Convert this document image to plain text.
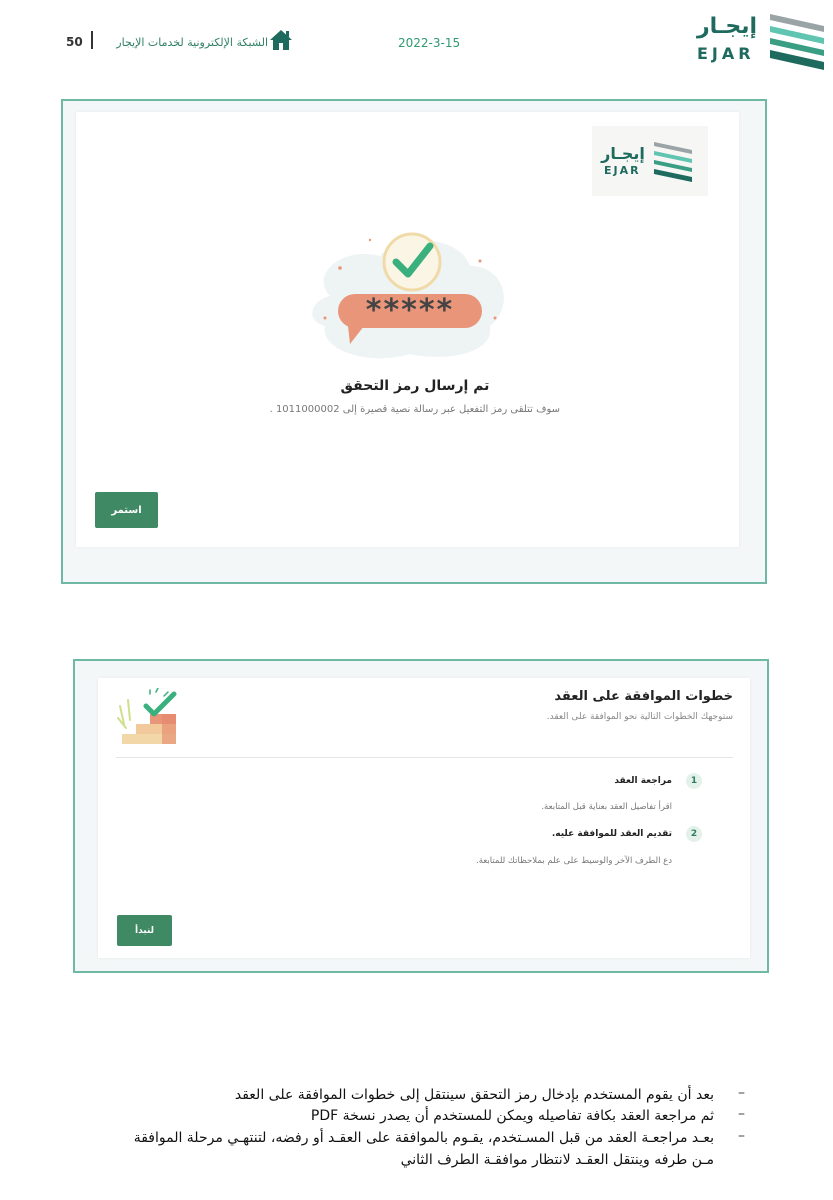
50	الشبكة الإلكترونية لخدمات الإيجار	2022-3-15
إيجـار
EJAR
إيجـار
EJAR
*****
تم إرسال رمز التحقق
سوف تتلقى رمز التفعيل عبر رسالة نصية قصيرة إلى 1011000002 .
استمر
خطوات الموافقة على العقد
ستوجهك الخطوات التالية نحو الموافقة على العقد.
1
مراجعة العقد
اقرأ تفاصيل العقد بعناية قبل المتابعة.
2
تقديم العقد للموافقة عليه.
دع الطرف الآخر والوسيط على علم بملاحظاتك للمتابعة.
لنبدأ
–
بعد أن يقوم المستخدم بإدخال رمز التحقق سينتقل إلى خطوات الموافقة على العقد
–
ثم مراجعة العقد بكافة تفاصيله ويمكن للمستخدم أن يصدر نسخة PDF
–
بعـد مراجعـة العقد من قبل المسـتخدم، يقـوم بالموافقة على العقـد أو رفضه، لتنتهـي مرحلة الموافقة
مـن طرفه وينتقل العقـد لانتظار موافقـة الطرف الثاني
